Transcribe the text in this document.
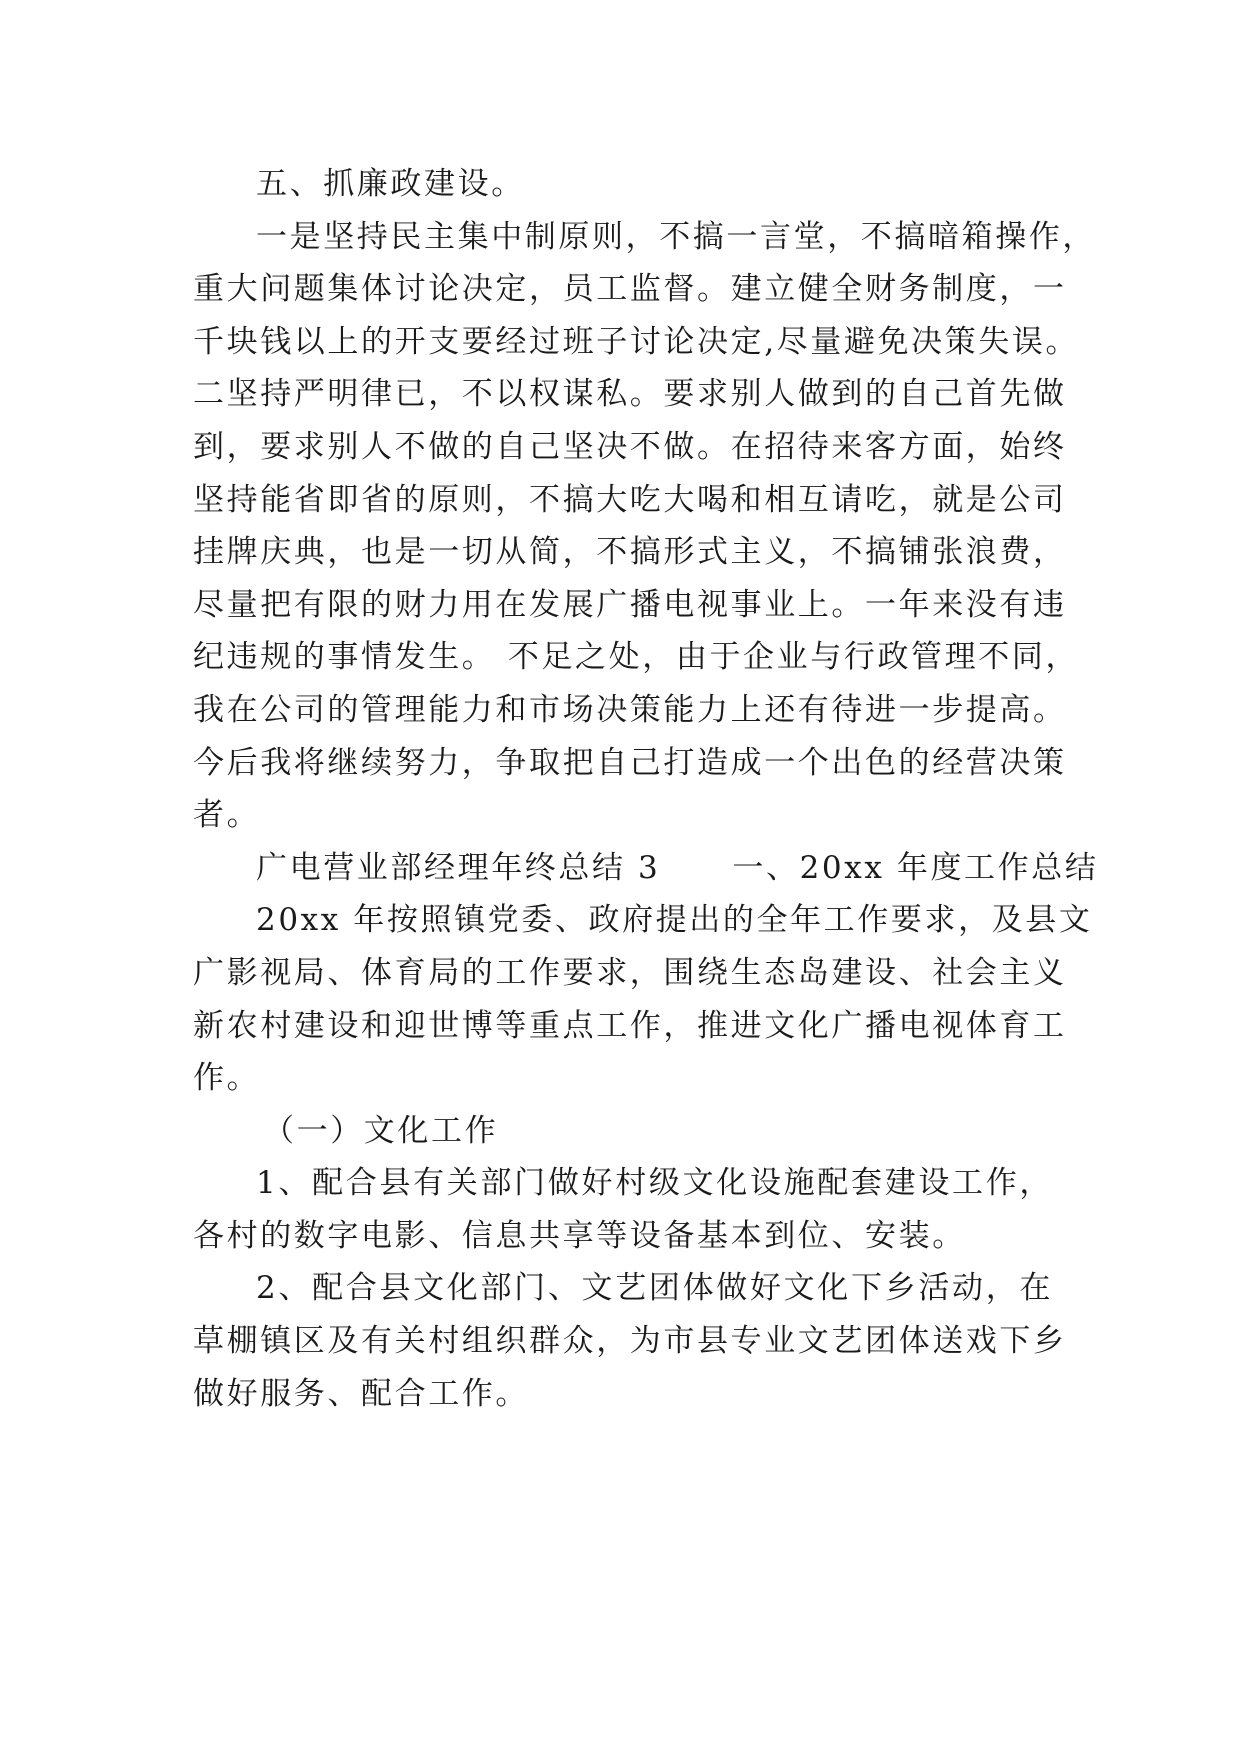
五、抓廉政建设。
一是坚持民主集中制原则，不搞一言堂，不搞暗箱操作，
重大问题集体讨论决定，员工监督。建立健全财务制度，一
千块钱以上的开支要经过班子讨论决定,尽量避免决策失误。
二坚持严明律已，不以权谋私。要求别人做到的自己首先做
到，要求别人不做的自己坚决不做。在招待来客方面，始终
坚持能省即省的原则，不搞大吃大喝和相互请吃，就是公司
挂牌庆典，也是一切从简，不搞形式主义，不搞铺张浪费，
尽量把有限的财力用在发展广播电视事业上。一年来没有违
纪违规的事情发生。 不足之处，由于企业与行政管理不同，
我在公司的管理能力和市场决策能力上还有待进一步提高。
今后我将继续努力，争取把自己打造成一个出色的经营决策
者。
广电营业部经理年终总结 3 一、20xx 年度工作总结
20xx 年按照镇党委、政府提出的全年工作要求，及县文
广影视局、体育局的工作要求，围绕生态岛建设、社会主义
新农村建设和迎世博等重点工作，推进文化广播电视体育工
作。
（一）文化工作
1、配合县有关部门做好村级文化设施配套建设工作，
各村的数字电影、信息共享等设备基本到位、安装。
2、配合县文化部门、文艺团体做好文化下乡活动，在
草棚镇区及有关村组织群众，为市县专业文艺团体送戏下乡
做好服务、配合工作。
